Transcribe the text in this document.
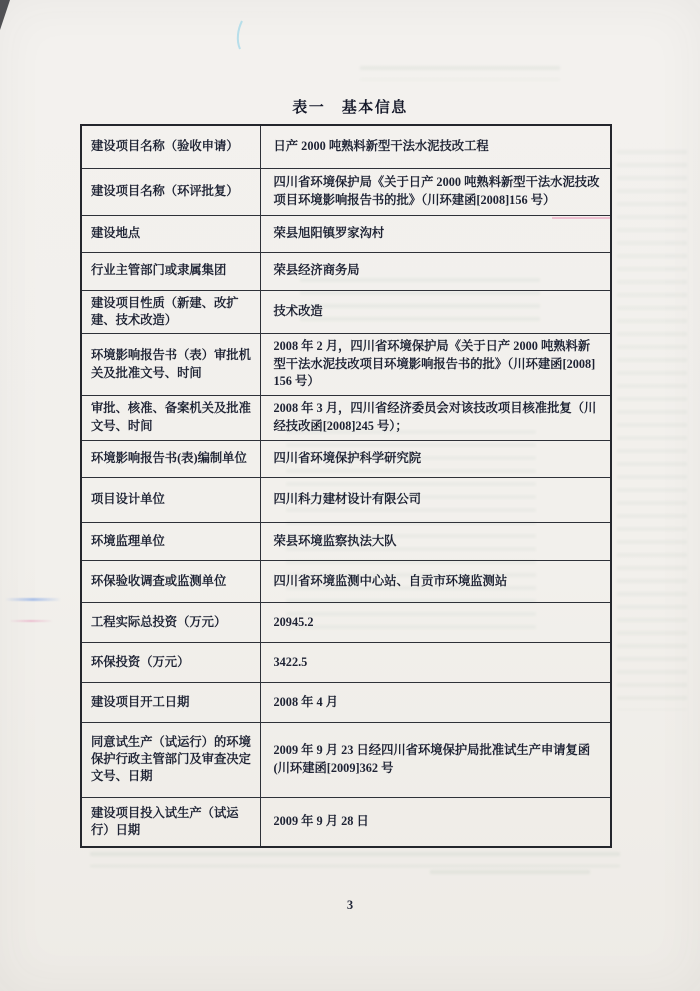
表一　基本信息
建设项目名称（验收申请）	日产 2000 吨熟料新型干法水泥技改工程
建设项目名称（环评批复）	四川省环境保护局《关于日产 2000 吨熟料新型干法水泥技改项目环境影响报告书的批》（川环建函[2008]156 号）
建设地点	荣县旭阳镇罗家沟村
行业主管部门或隶属集团	荣县经济商务局
建设项目性质（新建、改扩建、技术改造）	技术改造
环境影响报告书（表）审批机关及批准文号、时间	2008 年 2 月，四川省环境保护局《关于日产 2000 吨熟料新型干法水泥技改项目环境影响报告书的批》（川环建函[2008]156 号）
审批、核准、备案机关及批准文号、时间	2008 年 3 月，四川省经济委员会对该技改项目核准批复（川经技改函[2008]245 号）；
环境影响报告书(表)编制单位	四川省环境保护科学研究院
项目设计单位	四川科力建材设计有限公司
环境监理单位	荣县环境监察执法大队
环保验收调查或监测单位	四川省环境监测中心站、自贡市环境监测站
工程实际总投资（万元）	20945.2
环保投资（万元）	3422.5
建设项目开工日期	2008 年 4 月
同意试生产（试运行）的环境保护行政主管部门及审查决定文号、日期	2009 年 9 月 23 日经四川省环境保护局批准试生产申请复函(川环建函[2009]362 号
建设项目投入试生产（试运行）日期	2009 年 9 月 28 日
3
